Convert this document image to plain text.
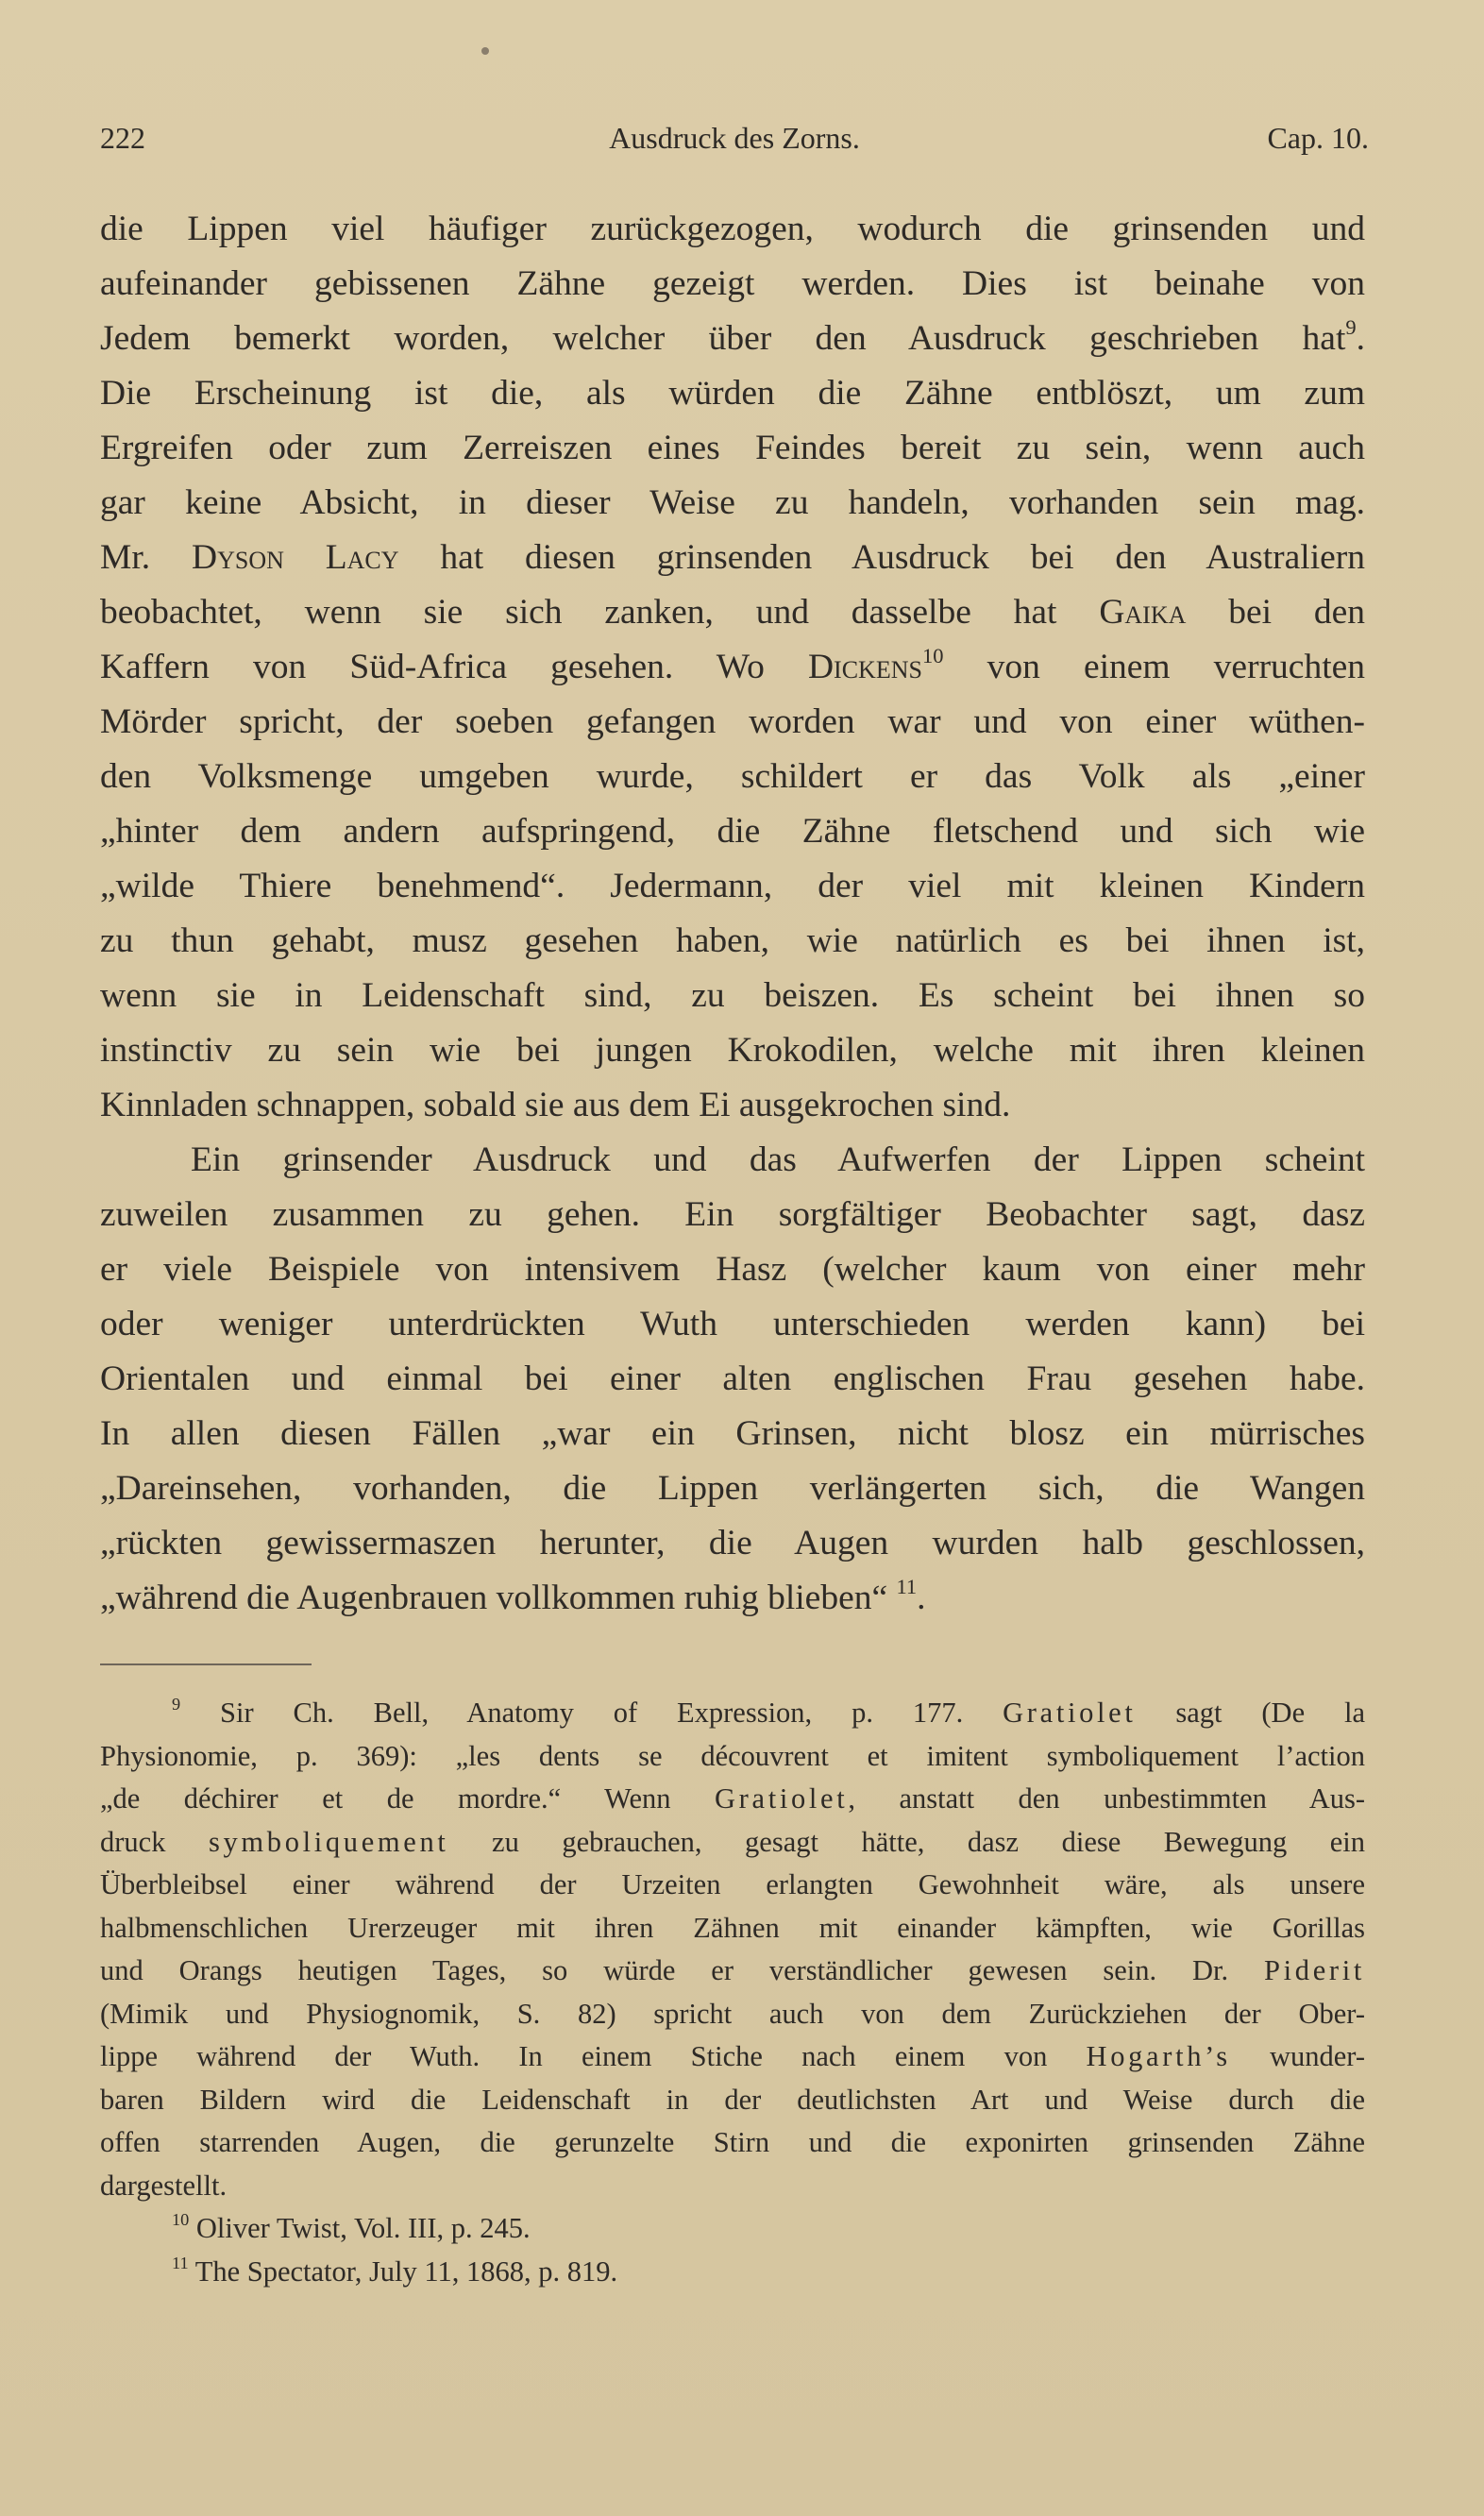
222	Ausdruck des Zorns.	Cap. 10.
die Lippen viel häufiger zurückgezogen, wodurch die grinsenden und
aufeinander gebissenen Zähne gezeigt werden. Dies ist beinahe von
Jedem bemerkt worden, welcher über den Ausdruck geschrieben hat$^9$.
Die Erscheinung ist die, als würden die Zähne entblöszt, um zum
Ergreifen oder zum Zerreiszen eines Feindes bereit zu sein, wenn auch
gar keine Absicht, in dieser Weise zu handeln, vorhanden sein mag.
Mr. Dyson Lacy hat diesen grinsenden Ausdruck bei den Australiern
beobachtet, wenn sie sich zanken, und dasselbe hat Gaika bei den
Kaffern von Süd-Africa gesehen. Wo Dickens$^{10}$ von einem verruchten
Mörder spricht, der soeben gefangen worden war und von einer wüthen-
den Volksmenge umgeben wurde, schildert er das Volk als „einer
„hinter dem andern aufspringend, die Zähne fletschend und sich wie
„wilde Thiere benehmend“. Jedermann, der viel mit kleinen Kindern
zu thun gehabt, musz gesehen haben, wie natürlich es bei ihnen ist,
wenn sie in Leidenschaft sind, zu beiszen. Es scheint bei ihnen so
instinctiv zu sein wie bei jungen Krokodilen, welche mit ihren kleinen
Kinnladen schnappen, sobald sie aus dem Ei ausgekrochen sind.
Ein grinsender Ausdruck und das Aufwerfen der Lippen scheint
zuweilen zusammen zu gehen. Ein sorgfältiger Beobachter sagt, dasz
er viele Beispiele von intensivem Hasz (welcher kaum von einer mehr
oder weniger unterdrückten Wuth unterschieden werden kann) bei
Orientalen und einmal bei einer alten englischen Frau gesehen habe.
In allen diesen Fällen „war ein Grinsen, nicht blosz ein mürrisches
„Dareinsehen, vorhanden, die Lippen verlängerten sich, die Wangen
„rückten gewissermaszen herunter, die Augen wurden halb geschlossen,
„während die Augenbrauen vollkommen ruhig blieben“ $^{11}$.
$^9$ Sir Ch. Bell, Anatomy of Expression, p. 177. Gratiolet sagt (De la
Physionomie, p. 369): „les dents se découvrent et imitent symboliquement l’action
„de déchirer et de mordre.“ Wenn Gratiolet, anstatt den unbestimmten Aus-
druck symboliquement zu gebrauchen, gesagt hätte, dasz diese Bewegung ein
Überbleibsel einer während der Urzeiten erlangten Gewohnheit wäre, als unsere
halbmenschlichen Urerzeuger mit ihren Zähnen mit einander kämpften, wie Gorillas
und Orangs heutigen Tages, so würde er verständlicher gewesen sein. Dr. Piderit
(Mimik und Physiognomik, S. 82) spricht auch von dem Zurückziehen der Ober-
lippe während der Wuth. In einem Stiche nach einem von Hogarth’s wunder-
baren Bildern wird die Leidenschaft in der deutlichsten Art und Weise durch die
offen starrenden Augen, die gerunzelte Stirn und die exponirten grinsenden Zähne
dargestellt.
$^{10}$ Oliver Twist, Vol. III, p. 245.
$^{11}$ The Spectator, July 11, 1868, p. 819.
